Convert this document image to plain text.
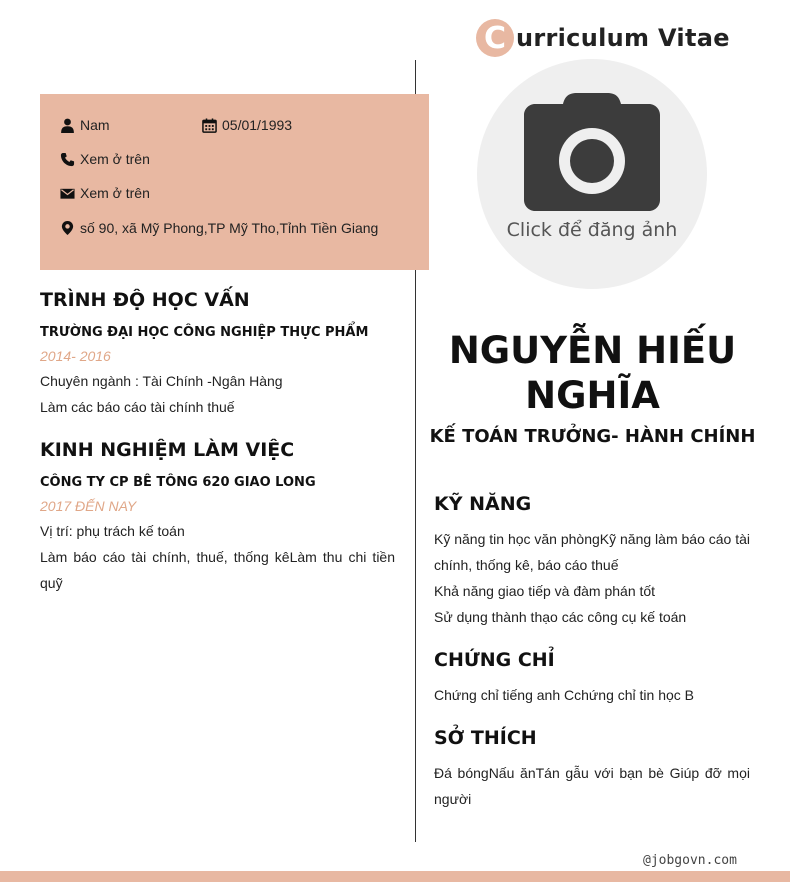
C urriculum Vitae
Nam	05/01/1993
Xem ở trên
Xem ở trên
số 90, xã Mỹ Phong,TP Mỹ Tho,Tỉnh Tiền Giang	Click để đăng ảnh
NGUYỄN HIẾU NGHĨA
KẾ TOÁN TRƯỞNG- HÀNH CHÍNH
TRÌNH ĐỘ HỌC VẤN
TRƯỜNG ĐẠI HỌC CÔNG NGHIỆP THỰC PHẨM
2014- 2016
Chuyên ngành : Tài Chính -Ngân Hàng
Làm các báo cáo tài chính thuế
KINH NGHIỆM LÀM VIỆC
CÔNG TY CP BÊ TÔNG 620 GIAO LONG
2017 ĐẾN NAY
Vị trí: phụ trách kế toán
Làm báo cáo tài chính, thuế, thống kêLàm thu chi tiền quỹ
KỸ NĂNG
Kỹ năng tin học văn phòngKỹ năng làm báo cáo tài chính, thống kê, báo cáo thuế
Khả năng giao tiếp và đàm phán tốt
Sử dụng thành thạo các công cụ kế toán
CHỨNG CHỈ
Chứng chỉ tiếng anh Cchứng chỉ tin học B
SỞ THÍCH
Đá bóngNấu ănTán gẫu với bạn bè Giúp đỡ mọi người
@jobgovn.com
